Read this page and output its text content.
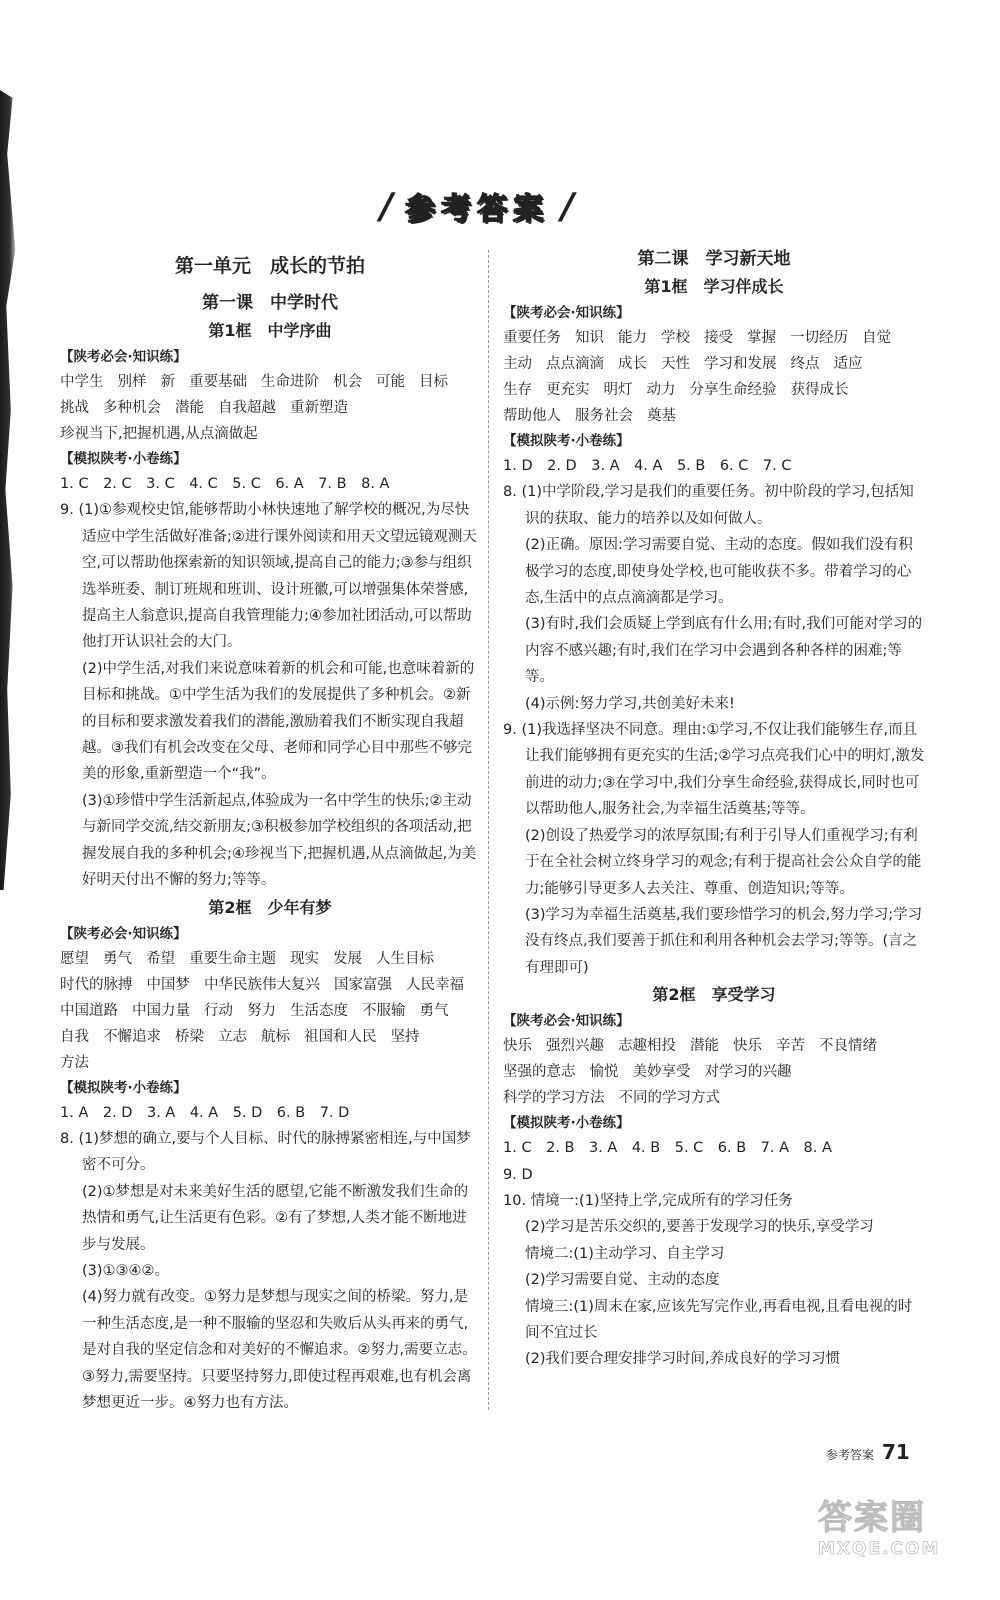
/ 参考答案 /
第一单元　成长的节拍
第一课　中学时代
第1框　中学序曲
【陕考必会·知识练】
中学生 别样 新 重要基础 生命进阶 机会 可能 目标
挑战 多种机会 潜能 自我超越 重新塑造
珍视当下,把握机遇,从点滴做起
【模拟陕考·小卷练】
1. C　2. C　3. C　4. C　5. C　6. A　7. B　8. A
9. (1)①参观校史馆,能够帮助小林快速地了解学校的概况,为尽快适应中学生活做好准备;②进行课外阅读和用天文望远镜观测天空,可以帮助他探索新的知识领域,提高自己的能力;③参与组织选举班委、制订班规和班训、设计班徽,可以增强集体荣誉感,提高主人翁意识,提高自我管理能力;④参加社团活动,可以帮助他打开认识社会的大门。
(2)中学生活,对我们来说意味着新的机会和可能,也意味着新的目标和挑战。①中学生活为我们的发展提供了多种机会。②新的目标和要求激发着我们的潜能,激励着我们不断实现自我超越。③我们有机会改变在父母、老师和同学心目中那些不够完美的形象,重新塑造一个“我”。
(3)①珍惜中学生活新起点,体验成为一名中学生的快乐;②主动与新同学交流,结交新朋友;③积极参加学校组织的各项活动,把握发展自我的多种机会;④珍视当下,把握机遇,从点滴做起,为美好明天付出不懈的努力;等等。
第2框　少年有梦
【陕考必会·知识练】
愿望 勇气 希望 重要生命主题 现实 发展 人生目标
时代的脉搏 中国梦 中华民族伟大复兴 国家富强 人民幸福
中国道路 中国力量 行动 努力 生活态度 不服输 勇气
自我 不懈追求 桥梁 立志 航标 祖国和人民 坚持
方法
【模拟陕考·小卷练】
1. A　2. D　3. A　4. A　5. D　6. B　7. D
8. (1)梦想的确立,要与个人目标、时代的脉搏紧密相连,与中国梦密不可分。
(2)①梦想是对未来美好生活的愿望,它能不断激发我们生命的热情和勇气,让生活更有色彩。②有了梦想,人类才能不断地进步与发展。
(3)①③④②。
(4)努力就有改变。①努力是梦想与现实之间的桥梁。努力,是一种生活态度,是一种不服输的坚忍和失败后从头再来的勇气,是对自我的坚定信念和对美好的不懈追求。②努力,需要立志。③努力,需要坚持。只要坚持努力,即使过程再艰难,也有机会离梦想更近一步。④努力也有方法。
第二课　学习新天地
第1框　学习伴成长
【陕考必会·知识练】
重要任务 知识 能力 学校 接受 掌握 一切经历 自觉
主动 点点滴滴 成长 天性 学习和发展 终点 适应
生存 更充实 明灯 动力 分享生命经验 获得成长
帮助他人 服务社会 奠基
【模拟陕考·小卷练】
1. D　2. D　3. A　4. A　5. B　6. C　7. C
8. (1)中学阶段,学习是我们的重要任务。初中阶段的学习,包括知识的获取、能力的培养以及如何做人。
(2)正确。原因:学习需要自觉、主动的态度。假如我们没有积极学习的态度,即使身处学校,也可能收获不多。带着学习的心态,生活中的点点滴滴都是学习。
(3)有时,我们会质疑上学到底有什么用;有时,我们可能对学习的内容不感兴趣;有时,我们在学习中会遇到各种各样的困难;等等。
(4)示例:努力学习,共创美好未来!
9. (1)我选择坚决不同意。理由:①学习,不仅让我们能够生存,而且让我们能够拥有更充实的生活;②学习点亮我们心中的明灯,激发前进的动力;③在学习中,我们分享生命经验,获得成长,同时也可以帮助他人,服务社会,为幸福生活奠基;等等。
(2)创设了热爱学习的浓厚氛围;有利于引导人们重视学习;有利于在全社会树立终身学习的观念;有利于提高社会公众自学的能力;能够引导更多人去关注、尊重、创造知识;等等。
(3)学习为幸福生活奠基,我们要珍惜学习的机会,努力学习;学习没有终点,我们要善于抓住和利用各种机会去学习;等等。(言之有理即可)
第2框　享受学习
【陕考必会·知识练】
快乐 强烈兴趣 志趣相投 潜能 快乐 辛苦 不良情绪
坚强的意志 愉悦 美妙享受 对学习的兴趣
科学的学习方法 不同的学习方式
【模拟陕考·小卷练】
1. C　2. B　3. A　4. B　5. C　6. B　7. A　8. A
9. D
10. 情境一:(1)坚持上学,完成所有的学习任务
(2)学习是苦乐交织的,要善于发现学习的快乐,享受学习
情境二:(1)主动学习、自主学习
(2)学习需要自觉、主动的态度
情境三:(1)周末在家,应该先写完作业,再看电视,且看电视的时间不宜过长
(2)我们要合理安排学习时间,养成良好的学习习惯
参考答案 71
答案圈
MXQE.COM
